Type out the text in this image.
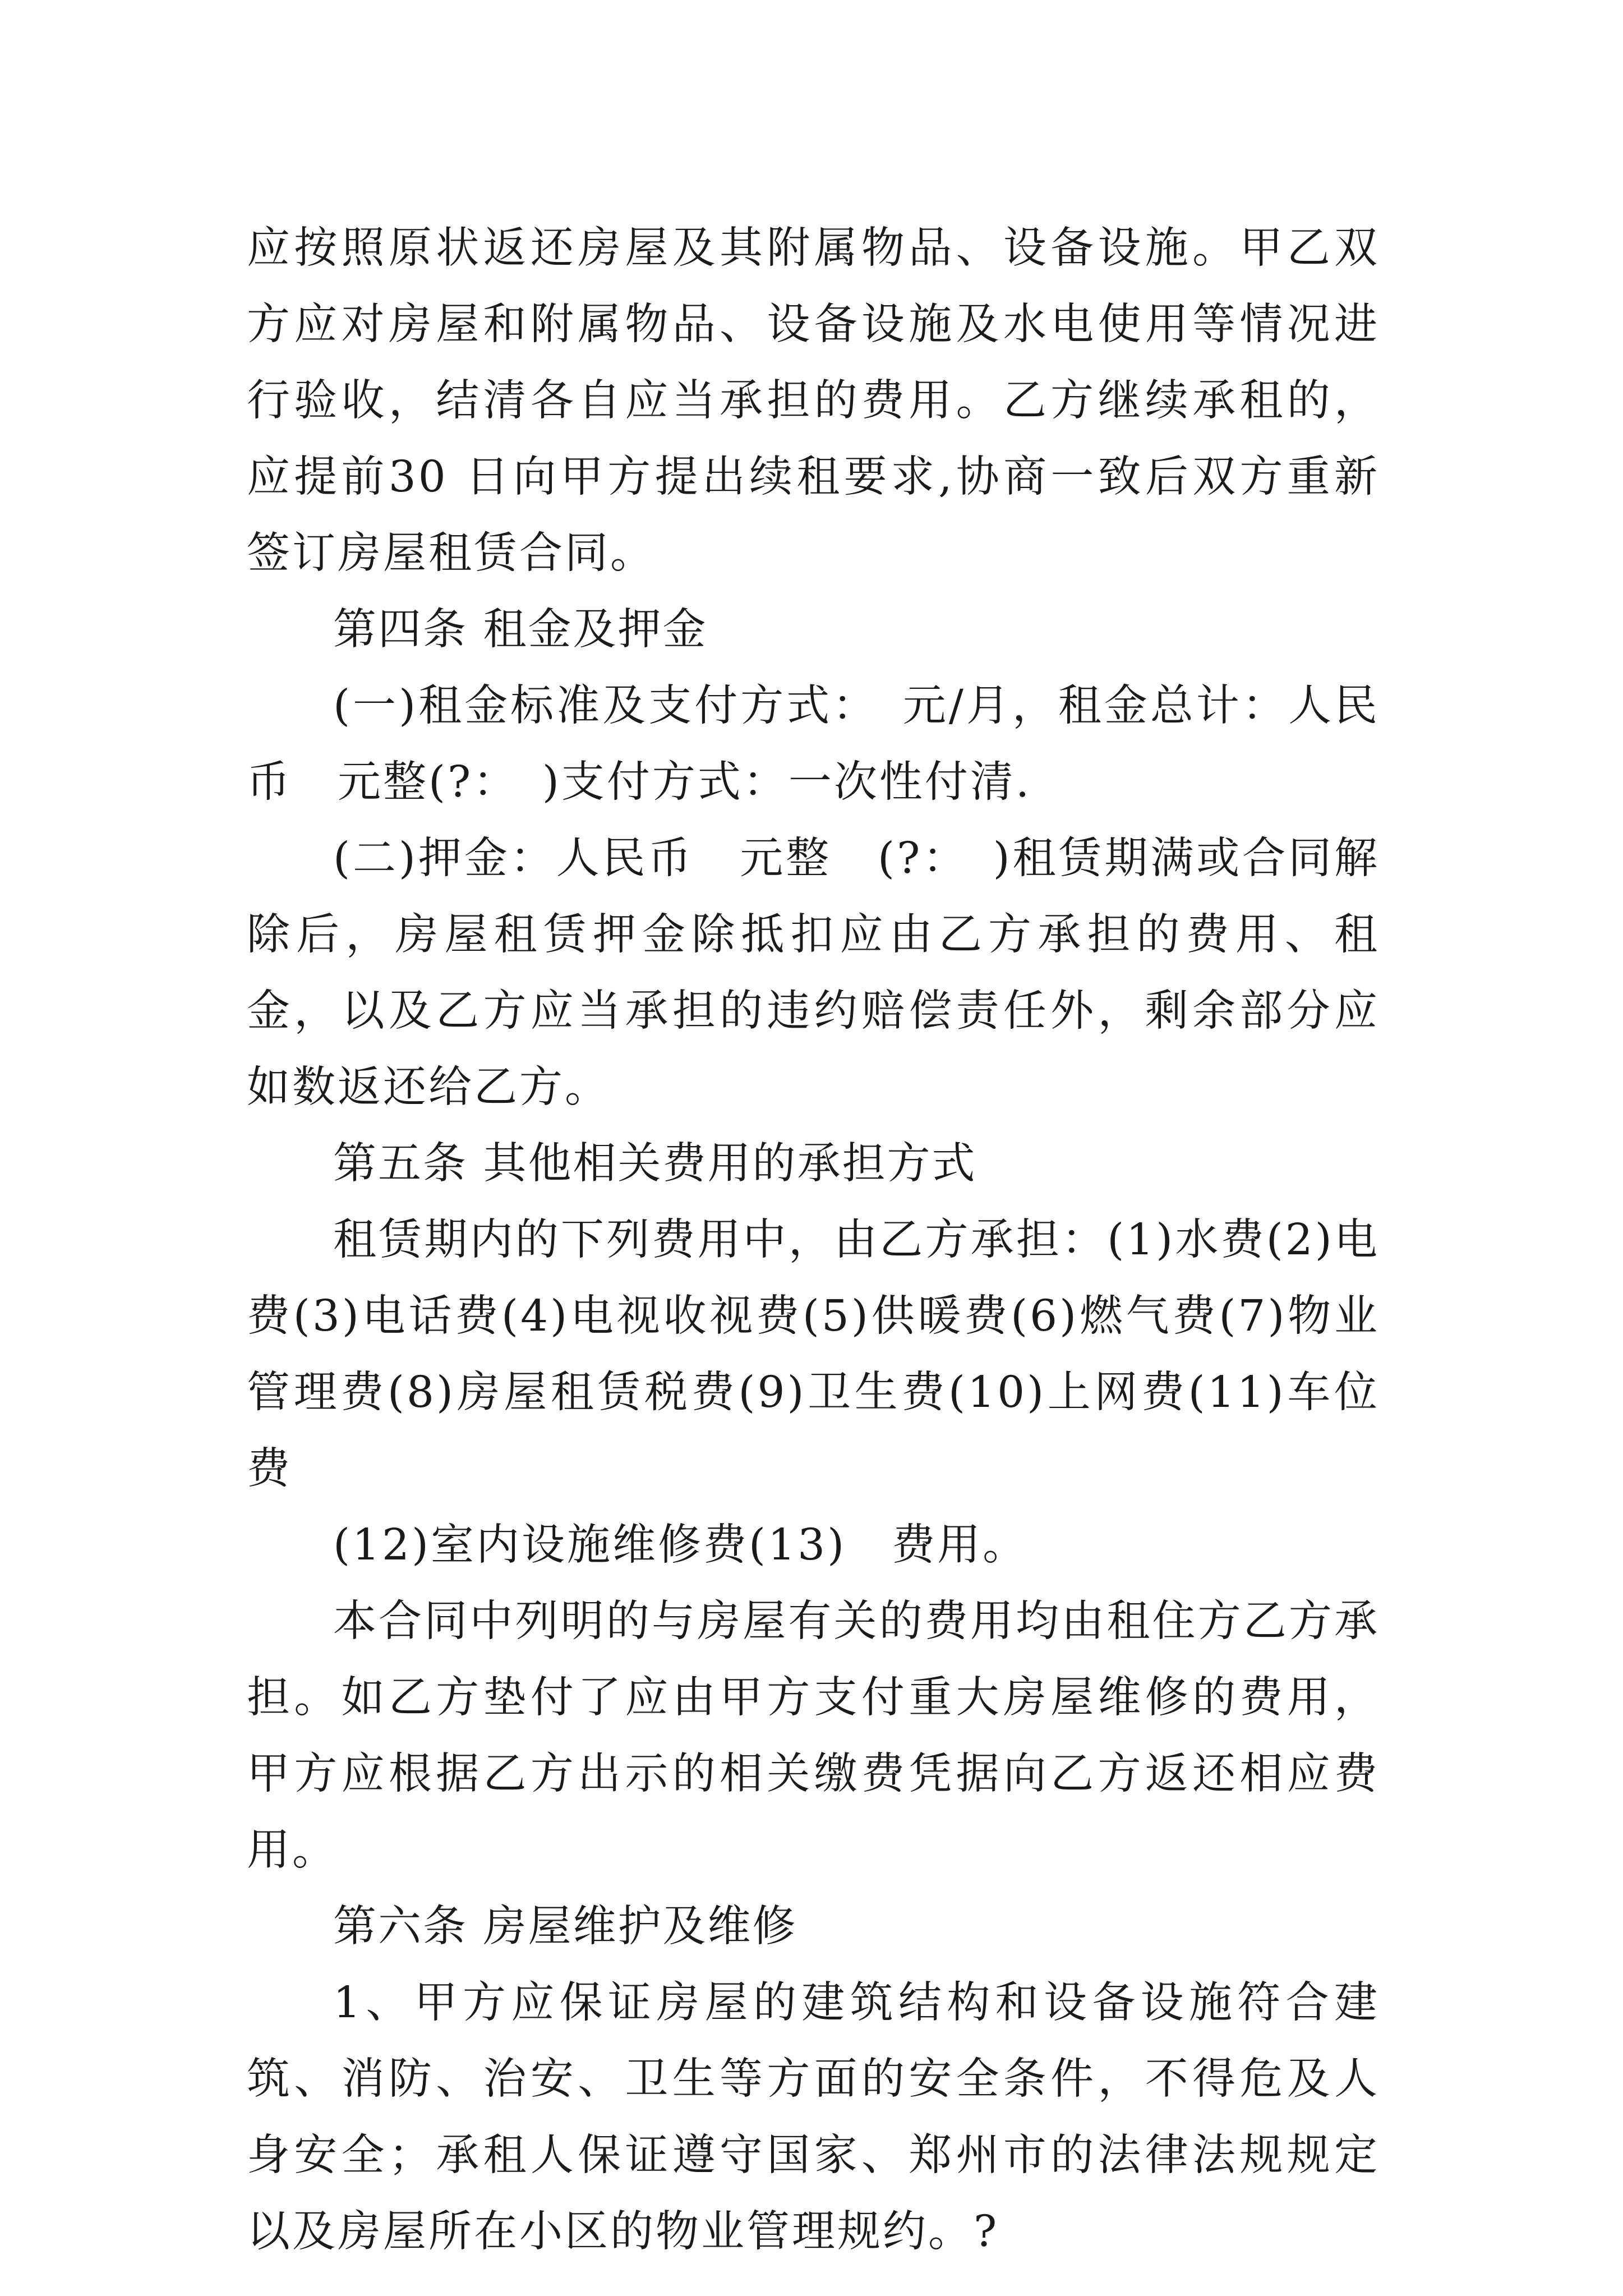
应按照原状返还房屋及其附属物品、设备设施。甲乙双方应对房屋和附属物品、设备设施及水电使用等情况进行验收，结清各自应当承担的费用。乙方继续承租的，应提前30 日向甲方提出续租要求,协商一致后双方重新签订房屋租赁合同。

第四条 租金及押金

(一)租金标准及支付方式：　元/月，租金总计：人民币　元整(?：　)支付方式：一次性付清.

(二)押金：人民币　元整　(?：　)租赁期满或合同解除后，房屋租赁押金除抵扣应由乙方承担的费用、租金，以及乙方应当承担的违约赔偿责任外，剩余部分应如数返还给乙方。

第五条 其他相关费用的承担方式

租赁期内的下列费用中，由乙方承担：(1)水费(2)电费(3)电话费(4)电视收视费(5)供暖费(6)燃气费(7)物业管理费(8)房屋租赁税费(9)卫生费(10)上网费(11)车位费

(12)室内设施维修费(13)　费用。

本合同中列明的与房屋有关的费用均由租住方乙方承担。如乙方垫付了应由甲方支付重大房屋维修的费用，甲方应根据乙方出示的相关缴费凭据向乙方返还相应费用。

第六条 房屋维护及维修

1、甲方应保证房屋的建筑结构和设备设施符合建筑、消防、治安、卫生等方面的安全条件，不得危及人身安全；承租人保证遵守国家、郑州市的法律法规规定以及房屋所在小区的物业管理规约。?
